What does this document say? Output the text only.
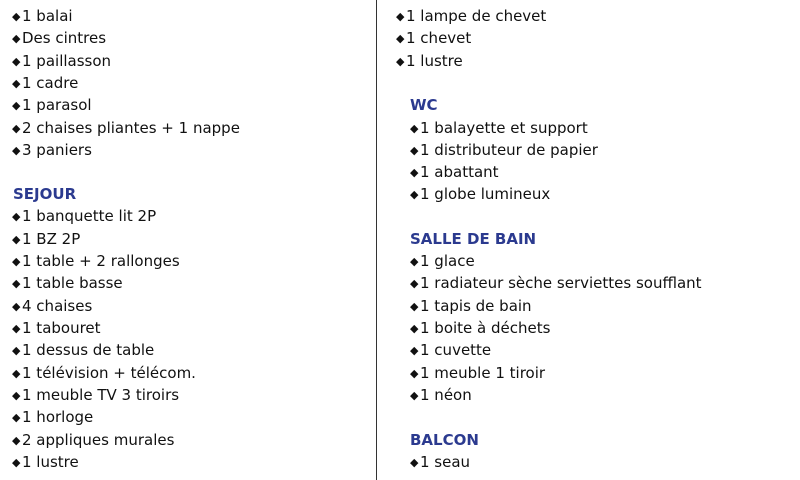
◆ 1 balai
◆ Des cintres
◆ 1 paillasson
◆ 1 cadre
◆ 1 parasol
◆ 2 chaises pliantes + 1 nappe
◆ 3 paniers
SEJOUR
◆ 1 banquette lit 2P
◆ 1 BZ 2P
◆ 1 table + 2 rallonges
◆ 1 table basse
◆ 4 chaises
◆ 1 tabouret
◆ 1 dessus de table
◆ 1 télévision + télécom.
◆ 1 meuble TV 3 tiroirs
◆ 1 horloge
◆ 2 appliques murales
◆ 1 lustre
◆ 1 lampe de chevet
◆ 1 chevet
◆ 1 lustre
WC
◆ 1 balayette et support
◆ 1 distributeur de papier
◆ 1 abattant
◆ 1 globe lumineux
SALLE DE BAIN
◆ 1 glace
◆ 1 radiateur sèche serviettes soufflant
◆ 1 tapis de bain
◆ 1 boite à déchets
◆ 1 cuvette
◆ 1 meuble 1 tiroir
◆ 1 néon
BALCON
◆ 1 seau
